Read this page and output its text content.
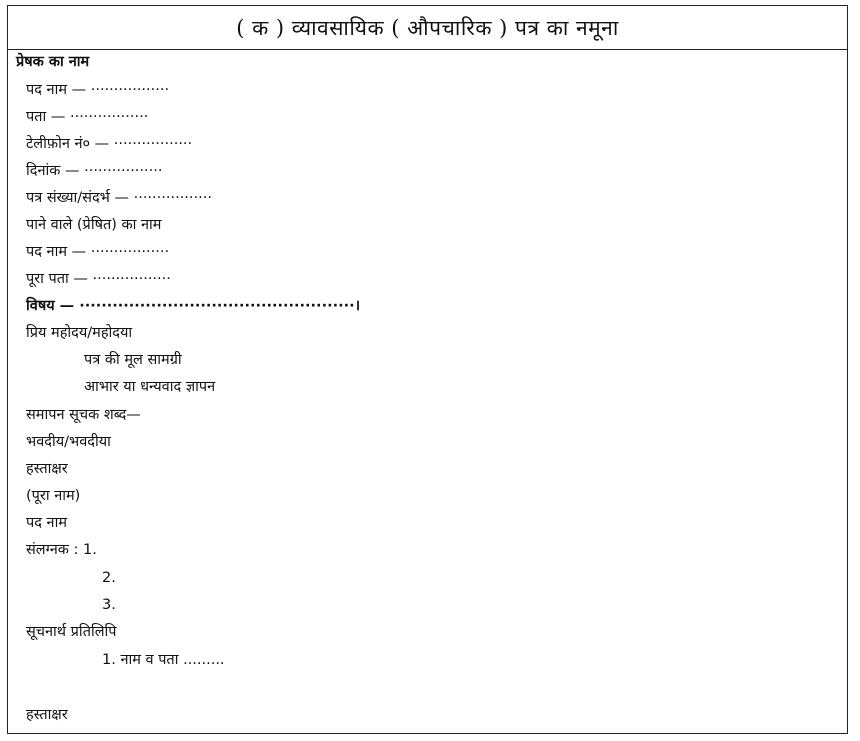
( क ) व्यावसायिक ( औपचारिक ) पत्र का नमूना
प्रेषक का नाम
पद नाम — ·················
पता — ·················
टेलीफ़ोन नं० — ·················
दिनांक — ·················
पत्र संख्या/संदर्भ — ·················
पाने वाले (प्रेषित) का नाम
पद नाम — ·················
पूरा पता — ·················
विषय — ··················································।
प्रिय महोदय/महोदया
पत्र की मूल सामग्री
आभार या धन्यवाद ज्ञापन
समापन सूचक शब्द—
भवदीय/भवदीया
हस्ताक्षर
(पूरा नाम)
पद नाम
संलग्नक : 1.
2.
3.
सूचनार्थ प्रतिलिपि
1. नाम व पता .........
हस्ताक्षर
